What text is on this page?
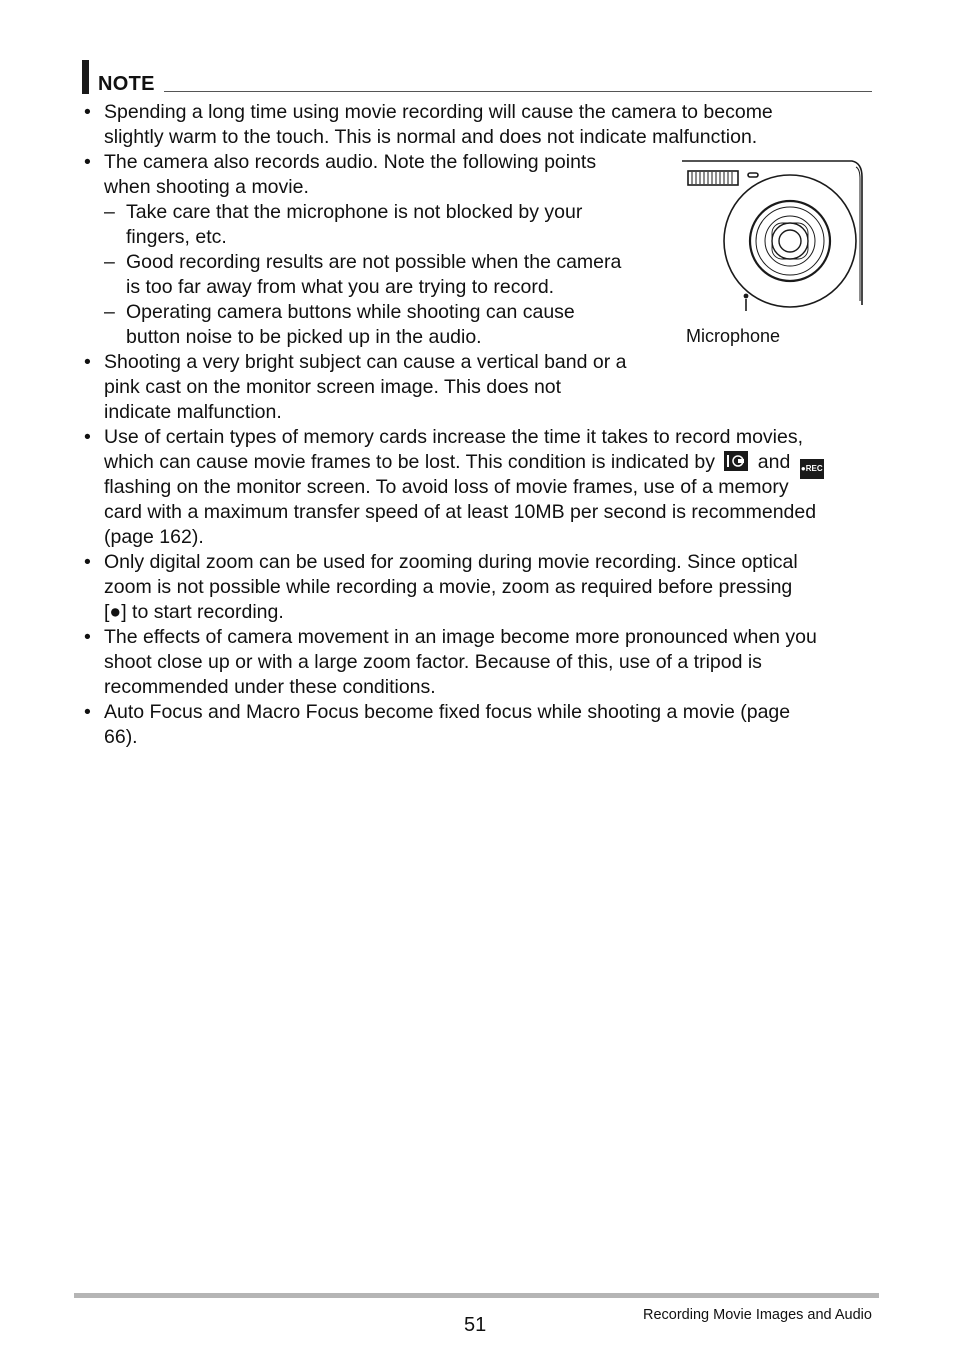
NOTE
• Spending a long time using movie recording will cause the camera to become
slightly warm to the touch. This is normal and does not indicate malfunction.
• The camera also records audio. Note the following points
when shooting a movie.
– Take care that the microphone is not blocked by your
fingers, etc.
– Good recording results are not possible when the camera
is too far away from what you are trying to record.
– Operating camera buttons while shooting can cause
button noise to be picked up in the audio.	Microphone
• Shooting a very bright subject can cause a vertical band or a
pink cast on the monitor screen image. This does not
indicate malfunction.
• Use of certain types of memory cards increase the time it takes to record movies,
which can cause movie frames to be lost. This condition is indicated by and ●REC
flashing on the monitor screen. To avoid loss of movie frames, use of a memory
card with a maximum transfer speed of at least 10MB per second is recommended
(page 162).
• Only digital zoom can be used for zooming during movie recording. Since optical
zoom is not possible while recording a movie, zoom as required before pressing
[●] to start recording.
• The effects of camera movement in an image become more pronounced when you
shoot close up or with a large zoom factor. Because of this, use of a tripod is
recommended under these conditions.
• Auto Focus and Macro Focus become fixed focus while shooting a movie (page
66).
51	Recording Movie Images and Audio
